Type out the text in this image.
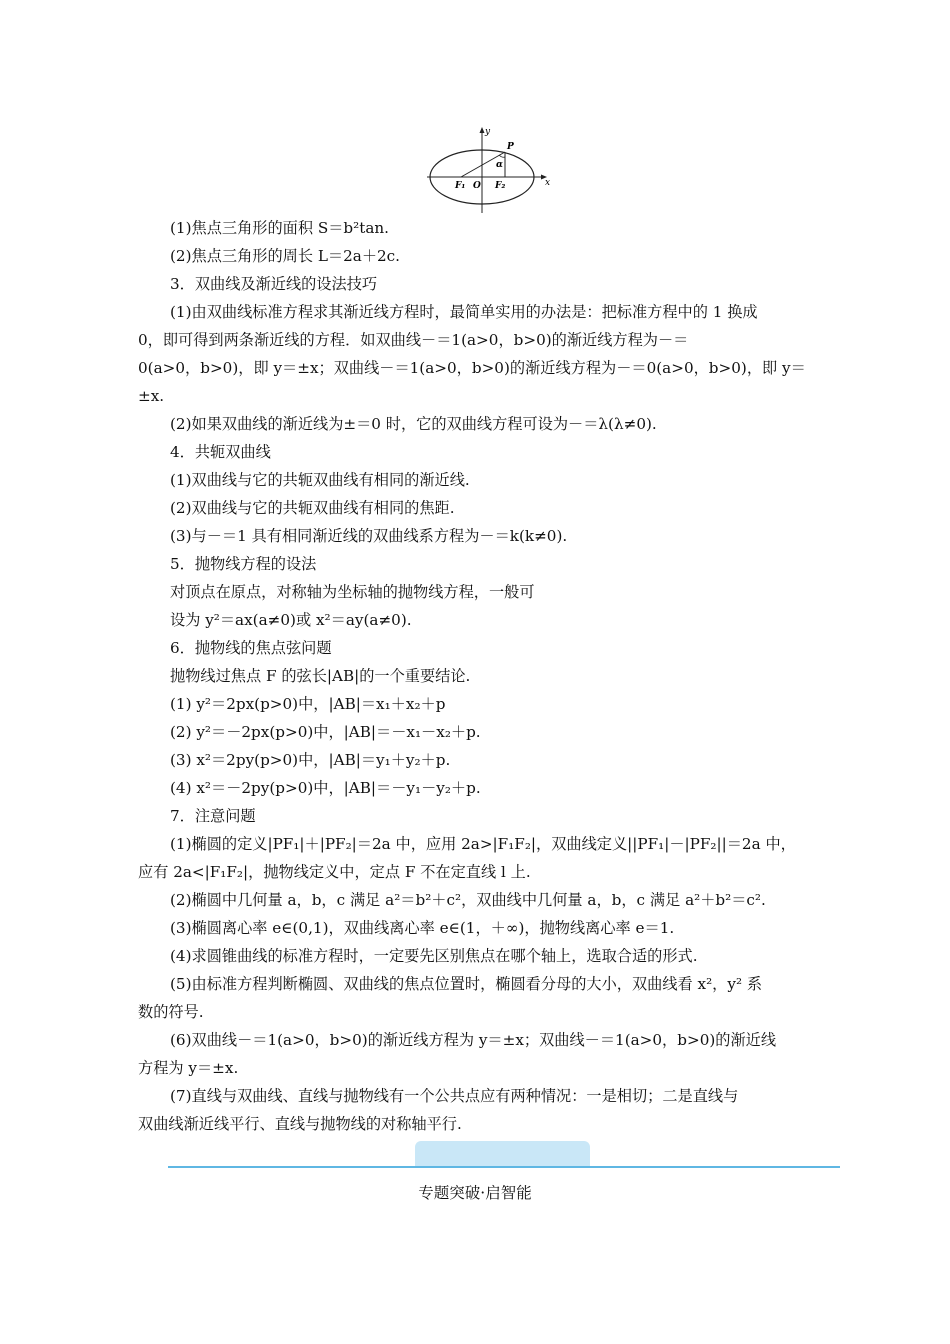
y
x
P
α
F₁ O F₂

(1)焦点三角形的面积 S＝b²tan.

(2)焦点三角形的周长 L＝2a＋2c.

3．双曲线及渐近线的设法技巧

(1)由双曲线标准方程求其渐近线方程时，最简单实用的办法是：把标准方程中的 1 换成

0，即可得到两条渐近线的方程．如双曲线－＝1(a>0，b>0)的渐近线方程为－＝

0(a>0，b>0)，即 y＝±x；双曲线－＝1(a>0，b>0)的渐近线方程为－＝0(a>0，b>0)，即 y＝

±x.

(2)如果双曲线的渐近线为±＝0 时，它的双曲线方程可设为－＝λ(λ≠0).

4．共轭双曲线

(1)双曲线与它的共轭双曲线有相同的渐近线.

(2)双曲线与它的共轭双曲线有相同的焦距.

(3)与－＝1 具有相同渐近线的双曲线系方程为－＝k(k≠0).

5．抛物线方程的设法

对顶点在原点，对称轴为坐标轴的抛物线方程，一般可

设为 y²＝ax(a≠0)或 x²＝ay(a≠0).

6．抛物线的焦点弦问题

抛物线过焦点 F 的弦长|AB|的一个重要结论.

(1) y²＝2px(p>0)中，|AB|＝x₁＋x₂＋p

(2) y²＝－2px(p>0)中，|AB|＝－x₁－x₂＋p.

(3) x²＝2py(p>0)中，|AB|＝y₁＋y₂＋p.

(4) x²＝－2py(p>0)中，|AB|＝－y₁－y₂＋p.

7．注意问题

(1)椭圆的定义|PF₁|＋|PF₂|＝2a 中，应用 2a>|F₁F₂|，双曲线定义||PF₁|－|PF₂||＝2a 中，

应有 2a<|F₁F₂|，抛物线定义中，定点 F 不在定直线 l 上.

(2)椭圆中几何量 a，b，c 满足 a²＝b²＋c²，双曲线中几何量 a，b，c 满足 a²＋b²＝c².

(3)椭圆离心率 e∈(0,1)，双曲线离心率 e∈(1，＋∞)，抛物线离心率 e＝1.

(4)求圆锥曲线的标准方程时，一定要先区别焦点在哪个轴上，选取合适的形式.

(5)由标准方程判断椭圆、双曲线的焦点位置时，椭圆看分母的大小，双曲线看 x²，y² 系

数的符号.

(6)双曲线－＝1(a>0，b>0)的渐近线方程为 y＝±x；双曲线－＝1(a>0，b>0)的渐近线

方程为 y＝±x.

(7)直线与双曲线、直线与抛物线有一个公共点应有两种情况：一是相切；二是直线与

双曲线渐近线平行、直线与抛物线的对称轴平行.

专题突破·启智能
